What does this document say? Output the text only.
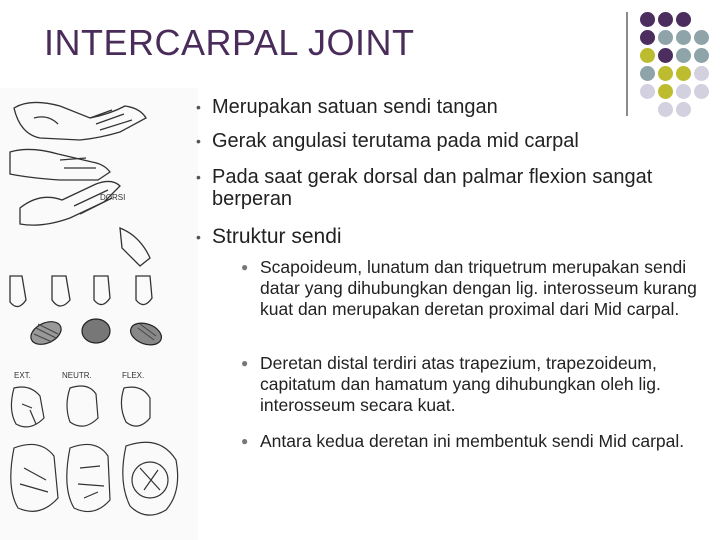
INTERCARPAL JOINT
EXT.	NEUTR.	FLEX.
DORSI
• Merupakan satuan sendi tangan
• Gerak angulasi terutama pada mid carpal
• Pada saat gerak dorsal dan palmar flexion sangat berperan
• Struktur sendi
● Scapoideum, lunatum dan triquetrum merupakan sendi datar yang dihubungkan dengan lig. interosseum kurang kuat dan merupakan deretan proximal dari Mid carpal.
● Deretan distal terdiri atas trapezium, trapezoideum, capitatum dan hamatum yang dihubungkan oleh lig. interosseum secara kuat.
● Antara kedua deretan ini membentuk sendi Mid carpal.
